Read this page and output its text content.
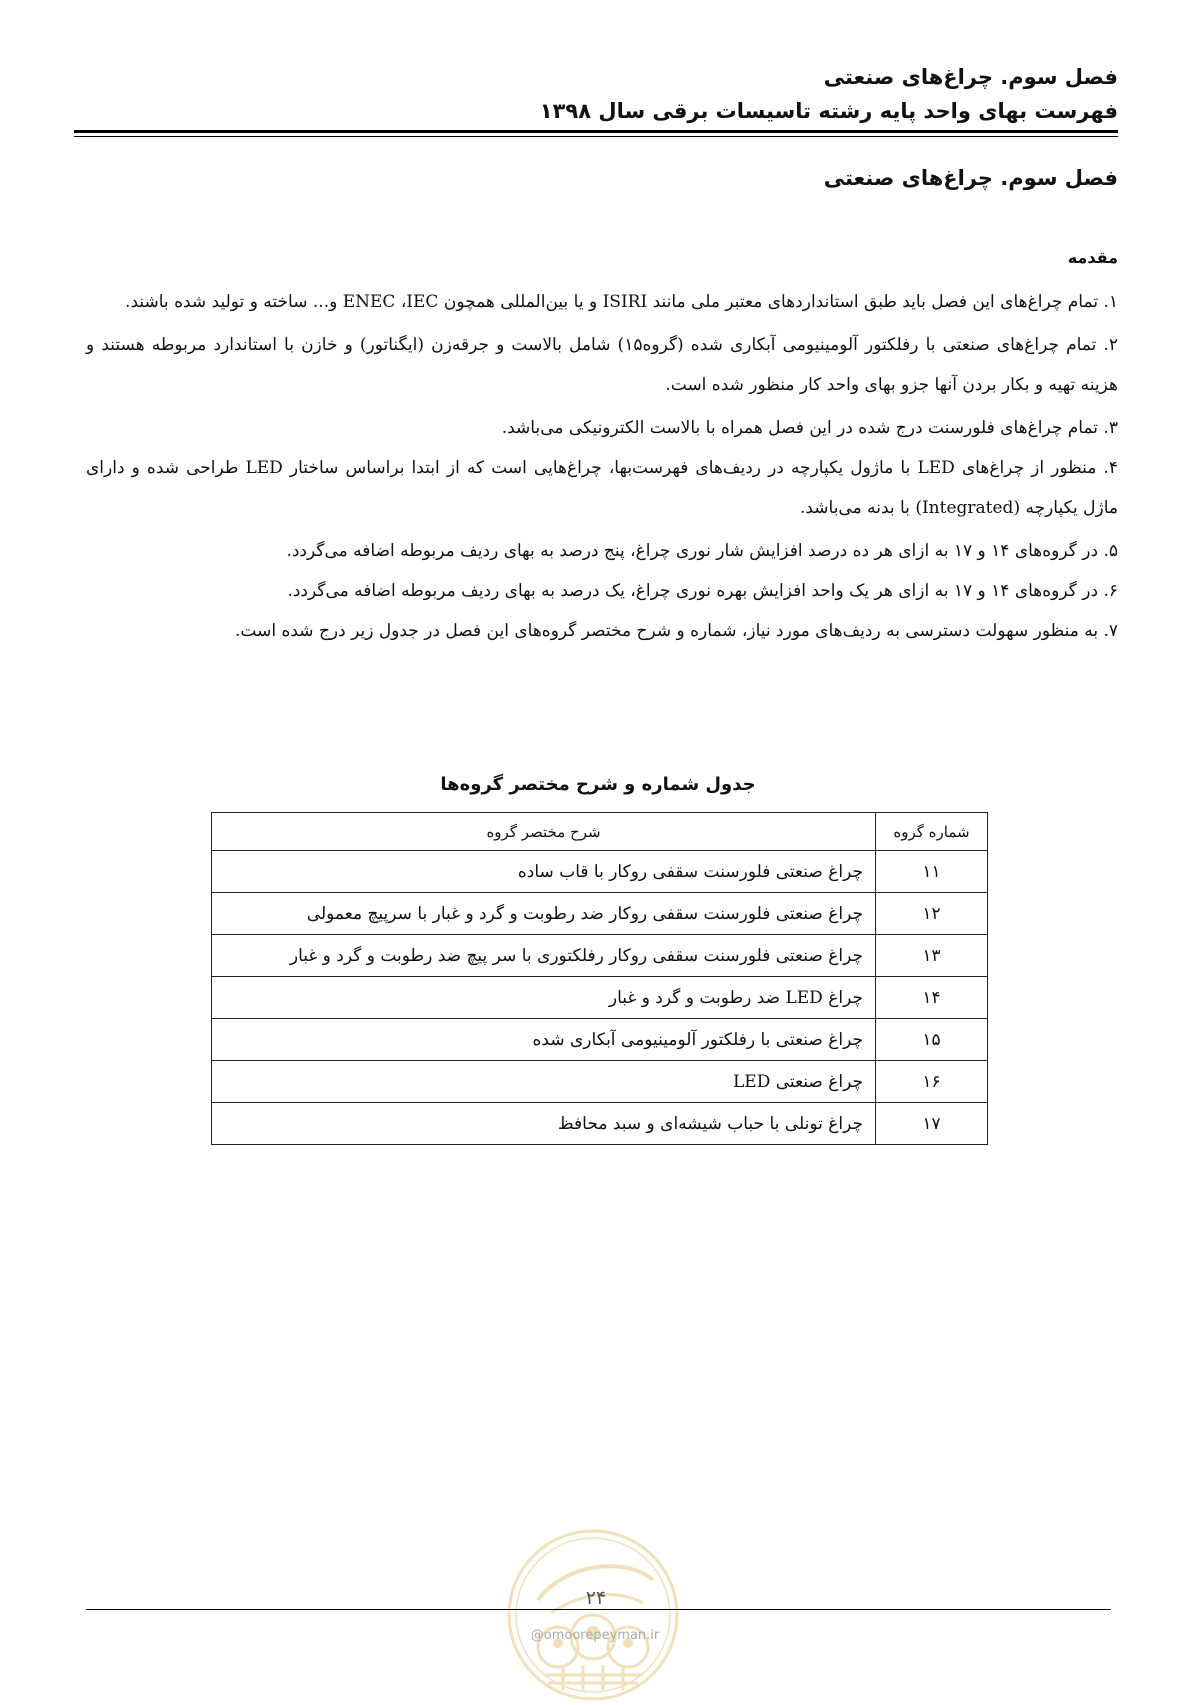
فصل سوم. چراغ‌های صنعتی
فهرست بهای واحد پایه رشته تاسیسات برقی سال ۱۳۹۸
فصل سوم. چراغ‌های صنعتی
مقدمه

۱. تمام چراغ‌های این فصل باید طبق استانداردهای معتبر ملی مانند ISIRI و یا بین‌المللی همچون ENEC ،IEC و... ساخته و تولید شده باشند.

۲. تمام چراغ‌های صنعتی با رفلکتور آلومینیومی آبکاری شده (گروه۱۵) شامل بالاست و جرقه‌زن (ایگناتور) و خازن با استاندارد مربوطه هستند و هزینه تهیه و بکار بردن آنها جزو بهای واحد کار منظور شده است.

۳. تمام چراغ‌های فلورسنت درج شده در این فصل همراه با بالاست الکترونیکی می‌باشد.

۴. منظور از چراغ‌های LED با ماژول یکپارچه در ردیف‌های فهرست‌بها، چراغ‌هایی است که از ابتدا براساس ساختار LED طراحی شده و دارای ماژل یکپارچه (Integrated) با بدنه می‌باشد.

۵. در گروه‌های ۱۴ و ۱۷ به ازای هر ده درصد افزایش شار نوری چراغ، پنج درصد به بهای ردیف مربوطه اضافه می‌گردد.

۶. در گروه‌های ۱۴ و ۱۷ به ازای هر یک واحد افزایش بهره نوری چراغ، یک درصد به بهای ردیف مربوطه اضافه می‌گردد.

۷. به منظور سهولت دسترسی به ردیف‌های مورد نیاز، شماره و شرح مختصر گروه‌های این فصل در جدول زیر درج شده است.

جدول شماره و شرح مختصر گروه‌ها
شماره گروه	شرح مختصر گروه
۱۱	چراغ صنعتی فلورسنت سقفی روکار با قاب ساده
۱۲	چراغ صنعتی فلورسنت سقفی روکار ضد رطوبت و گرد و غبار با سرپیچ معمولی
۱۳	چراغ صنعتی فلورسنت سقفی روکار رفلکتوری با سر پیچ ضد رطوبت و گرد و غبار
۱۴	چراغ LED ضد رطوبت و گرد و غبار
۱۵	چراغ صنعتی با رفلکتور آلومینیومی آبکاری شده
۱۶	چراغ صنعتی LED
۱۷	چراغ تونلی با حباب شیشه‌ای و سبد محافظ
۲۴
@omoorepeyman.ir
